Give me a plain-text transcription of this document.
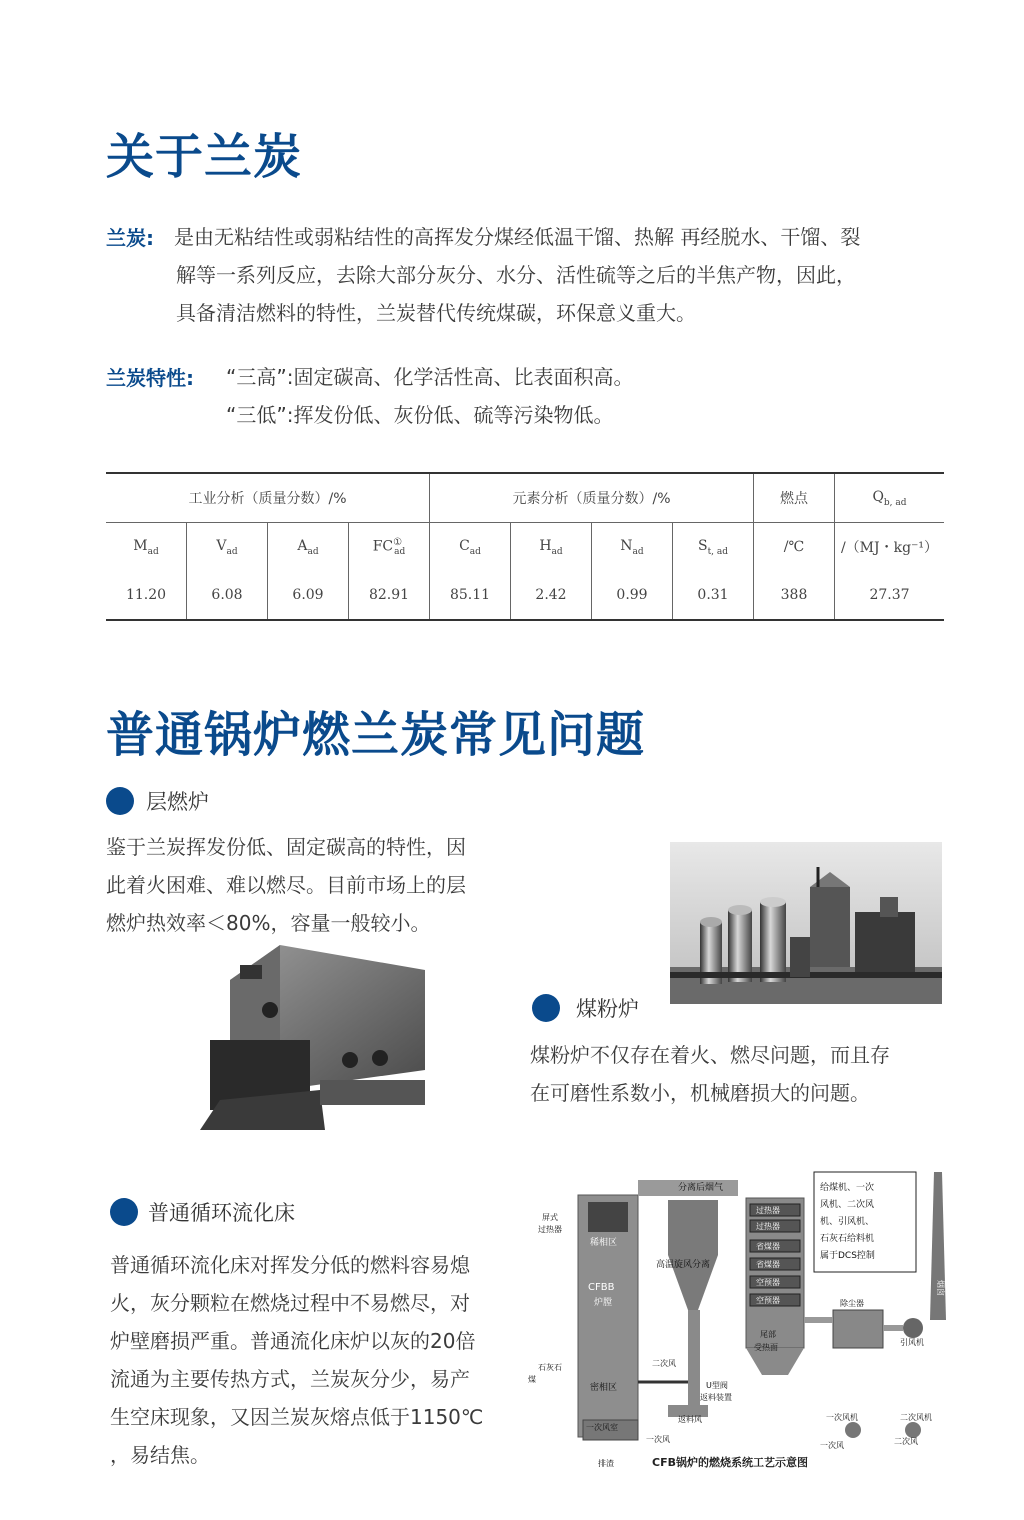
关于兰炭
兰炭: 是由无粘结性或弱粘结性的高挥发分煤经低温干馏、热解 再经脱水、干馏、裂
解等一系列反应，去除大部分灰分、水分、活性硫等之后的半焦产物，因此，
具备清洁燃料的特性，兰炭替代传统煤碳，环保意义重大。
兰炭特性: “三高”:固定碳高、化学活性高、比表面积高。
“三低”:挥发份低、灰份低、硫等污染物低。
工业分析（质量分数）/%				元素分析（质量分数）/%				燃点	$Q_{b, ad}$
$M_{ad}$	$V_{ad}$	$A_{ad}$	$FC^①_{ad}$	$C_{ad}$	$H_{ad}$	$N_{ad}$	$S_{t, ad}$	/℃	/（MJ・kg⁻¹）
11.20	6.08	6.09	82.91	85.11	2.42	0.99	0.31	388	27.37
普通锅炉燃兰炭常见问题
层燃炉
鉴于兰炭挥发份低、固定碳高的特性，因
此着火困难、难以燃尽。目前市场上的层
燃炉热效率＜80%，容量一般较小。
煤粉炉
煤粉炉不仅存在着火、燃尽问题，而且存
在可磨性系数小，机械磨损大的问题。
普通循环流化床
普通循环流化床对挥发分低的燃料容易熄
火，灰分颗粒在燃烧过程中不易燃尽，对
炉壁磨损严重。普通流化床炉以灰的20倍
流通为主要传热方式，兰炭灰分少，易产
生空床现象，又因兰炭灰熔点低于1150℃
，易结焦。
分离后烟气
屏式
过热器
稀相区
CFBB
炉膛
高温旋风分离
石灰石
煤
密相区
一次风室
排渣
二次风
U型阀
返料装置
返料风
一次风
尾部
受热面
过热器
过热器
省煤器
省煤器
空预器
空预器	除尘器
引风机
烟囱
一次风机	二次风机
一次风	二次风
给煤机、一次
风机、二次风
机、引风机、
石灰石给料机
属于DCS控制
CFB锅炉的燃烧系统工艺示意图
